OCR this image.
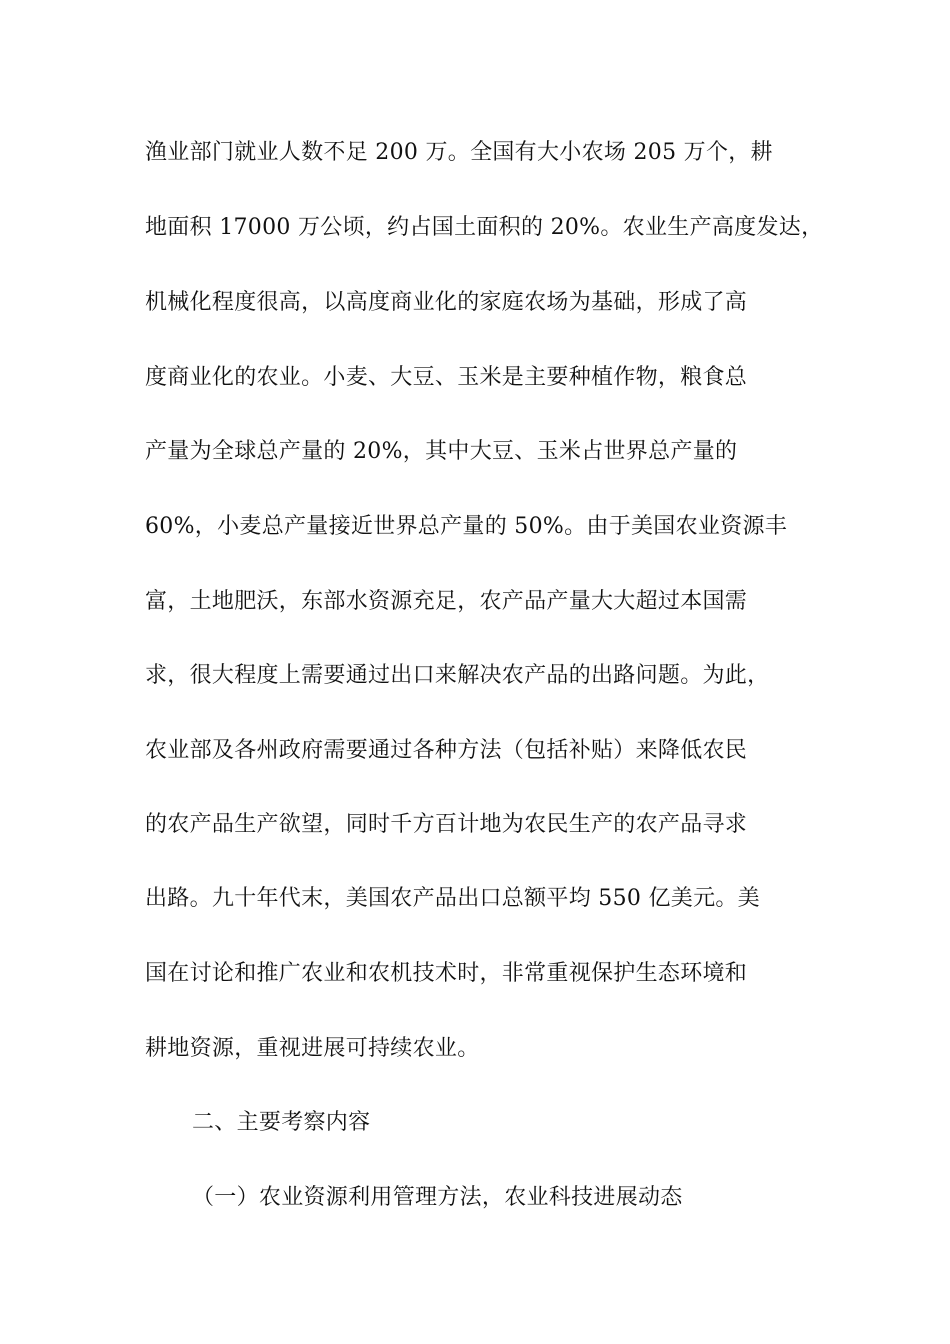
渔业部门就业人数不足 200 万。全国有大小农场 205 万个，耕
地面积 17000 万公顷，约占国土面积的 20%。农业生产高度发达，
机械化程度很高，以高度商业化的家庭农场为基础，形成了高
度商业化的农业。小麦、大豆、玉米是主要种植作物，粮食总
产量为全球总产量的 20%，其中大豆、玉米占世界总产量的
60%，小麦总产量接近世界总产量的 50%。由于美国农业资源丰
富，土地肥沃，东部水资源充足，农产品产量大大超过本国需
求，很大程度上需要通过出口来解决农产品的出路问题。为此，
农业部及各州政府需要通过各种方法（包括补贴）来降低农民
的农产品生产欲望，同时千方百计地为农民生产的农产品寻求
出路。九十年代末，美国农产品出口总额平均 550 亿美元。美
国在讨论和推广农业和农机技术时，非常重视保护生态环境和
耕地资源，重视进展可持续农业。
二、主要考察内容
（一）农业资源利用管理方法，农业科技进展动态
